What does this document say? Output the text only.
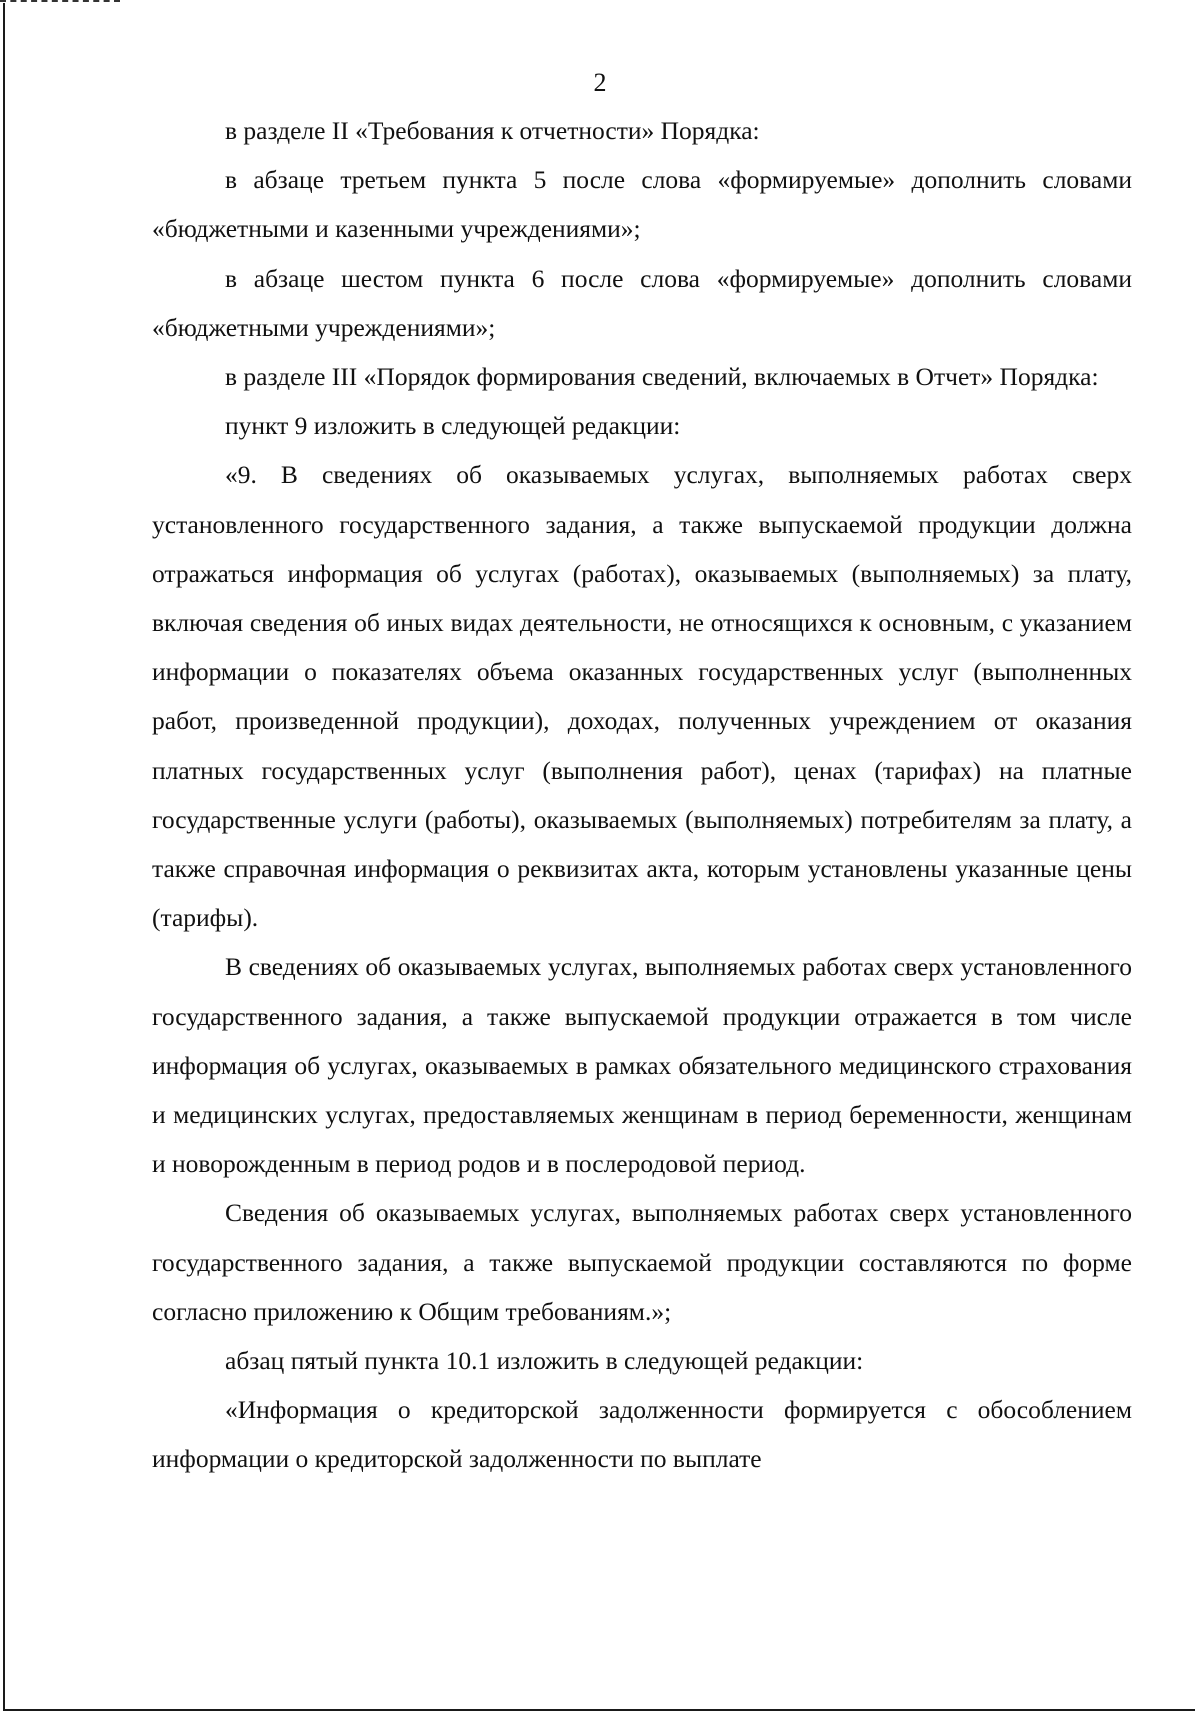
2

в разделе II «Требования к отчетности» Порядка:

в абзаце третьем пункта 5 после слова «формируемые» дополнить словами «бюджетными и казенными учреждениями»;

в абзаце шестом пункта 6 после слова «формируемые» дополнить словами «бюджетными учреждениями»;

в разделе III «Порядок формирования сведений, включаемых в Отчет» Порядка:

пункт 9 изложить в следующей редакции:

«9. В сведениях об оказываемых услугах, выполняемых работах сверх установленного государственного задания, а также выпускаемой продукции должна отражаться информация об услугах (работах), оказываемых (выполняемых) за плату, включая сведения об иных видах деятельности, не относящихся к основным, с указанием информации о показателях объема оказанных государственных услуг (выполненных работ, произведенной продукции), доходах, полученных учреждением от оказания платных государственных услуг (выполнения работ), ценах (тарифах) на платные государственные услуги (работы), оказываемых (выполняемых) потребителям за плату, а также справочная информация о реквизитах акта, которым установлены указанные цены (тарифы).

В сведениях об оказываемых услугах, выполняемых работах сверх установленного государственного задания, а также выпускаемой продукции отражается в том числе информация об услугах, оказываемых в рамках обязательного медицинского страхования и медицинских услугах, предоставляемых женщинам в период беременности, женщинам и новорожденным в период родов и в послеродовой период.

Сведения об оказываемых услугах, выполняемых работах сверх установленного государственного задания, а также выпускаемой продукции составляются по форме согласно приложению к Общим требованиям.»;

абзац пятый пункта 10.1 изложить в следующей редакции:

«Информация о кредиторской задолженности формируется с обособлением информации о кредиторской задолженности по выплате
